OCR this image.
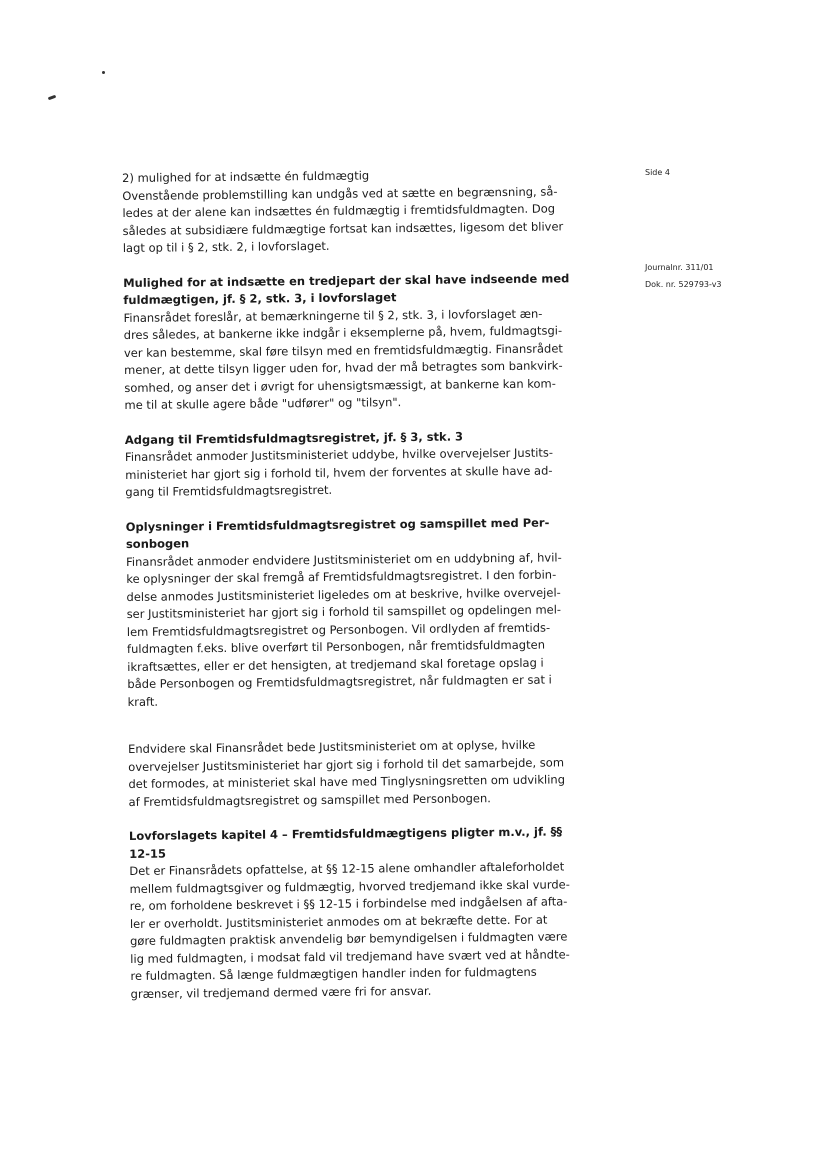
Side 4
Journalnr. 311/01
Dok. nr. 529793-v3

2) mulighed for at indsætte én fuldmægtig

Ovenstående problemstilling kan undgås ved at sætte en begrænsning, så-

ledes at der alene kan indsættes én fuldmægtig i fremtidsfuldmagten. Dog

således at subsidiære fuldmægtige fortsat kan indsættes, ligesom det bliver

lagt op til i § 2, stk. 2, i lovforslaget.

Mulighed for at indsætte en tredjepart der skal have indseende med

fuldmægtigen, jf. § 2, stk. 3, i lovforslaget

Finansrådet foreslår, at bemærkningerne til § 2, stk. 3, i lovforslaget æn-

dres således, at bankerne ikke indgår i eksemplerne på, hvem, fuldmagtsgi-

ver kan bestemme, skal føre tilsyn med en fremtidsfuldmægtig. Finansrådet

mener, at dette tilsyn ligger uden for, hvad der må betragtes som bankvirk-

somhed, og anser det i øvrigt for uhensigtsmæssigt, at bankerne kan kom-

me til at skulle agere både "udfører" og "tilsyn".

Adgang til Fremtidsfuldmagtsregistret, jf. § 3, stk. 3

Finansrådet anmoder Justitsministeriet uddybe, hvilke overvejelser Justits-

ministeriet har gjort sig i forhold til, hvem der forventes at skulle have ad-

gang til Fremtidsfuldmagtsregistret.

Oplysninger i Fremtidsfuldmagtsregistret og samspillet med Per-

sonbogen

Finansrådet anmoder endvidere Justitsministeriet om en uddybning af, hvil-

ke oplysninger der skal fremgå af Fremtidsfuldmagtsregistret. I den forbin-

delse anmodes Justitsministeriet ligeledes om at beskrive, hvilke overvejel-

ser Justitsministeriet har gjort sig i forhold til samspillet og opdelingen mel-

lem Fremtidsfuldmagtsregistret og Personbogen. Vil ordlyden af fremtids-

fuldmagten f.eks. blive overført til Personbogen, når fremtidsfuldmagten

ikraftsættes, eller er det hensigten, at tredjemand skal foretage opslag i

både Personbogen og Fremtidsfuldmagtsregistret, når fuldmagten er sat i

kraft.

Endvidere skal Finansrådet bede Justitsministeriet om at oplyse, hvilke

overvejelser Justitsministeriet har gjort sig i forhold til det samarbejde, som

det formodes, at ministeriet skal have med Tinglysningsretten om udvikling

af Fremtidsfuldmagtsregistret og samspillet med Personbogen.

Lovforslagets kapitel 4 – Fremtidsfuldmægtigens pligter m.v., jf. §§

12-15

Det er Finansrådets opfattelse, at §§ 12-15 alene omhandler aftaleforholdet

mellem fuldmagtsgiver og fuldmægtig, hvorved tredjemand ikke skal vurde-

re, om forholdene beskrevet i §§ 12-15 i forbindelse med indgåelsen af afta-

ler er overholdt. Justitsministeriet anmodes om at bekræfte dette. For at

gøre fuldmagten praktisk anvendelig bør bemyndigelsen i fuldmagten være

lig med fuldmagten, i modsat fald vil tredjemand have svært ved at håndte-

re fuldmagten. Så længe fuldmægtigen handler inden for fuldmagtens

grænser, vil tredjemand dermed være fri for ansvar.
